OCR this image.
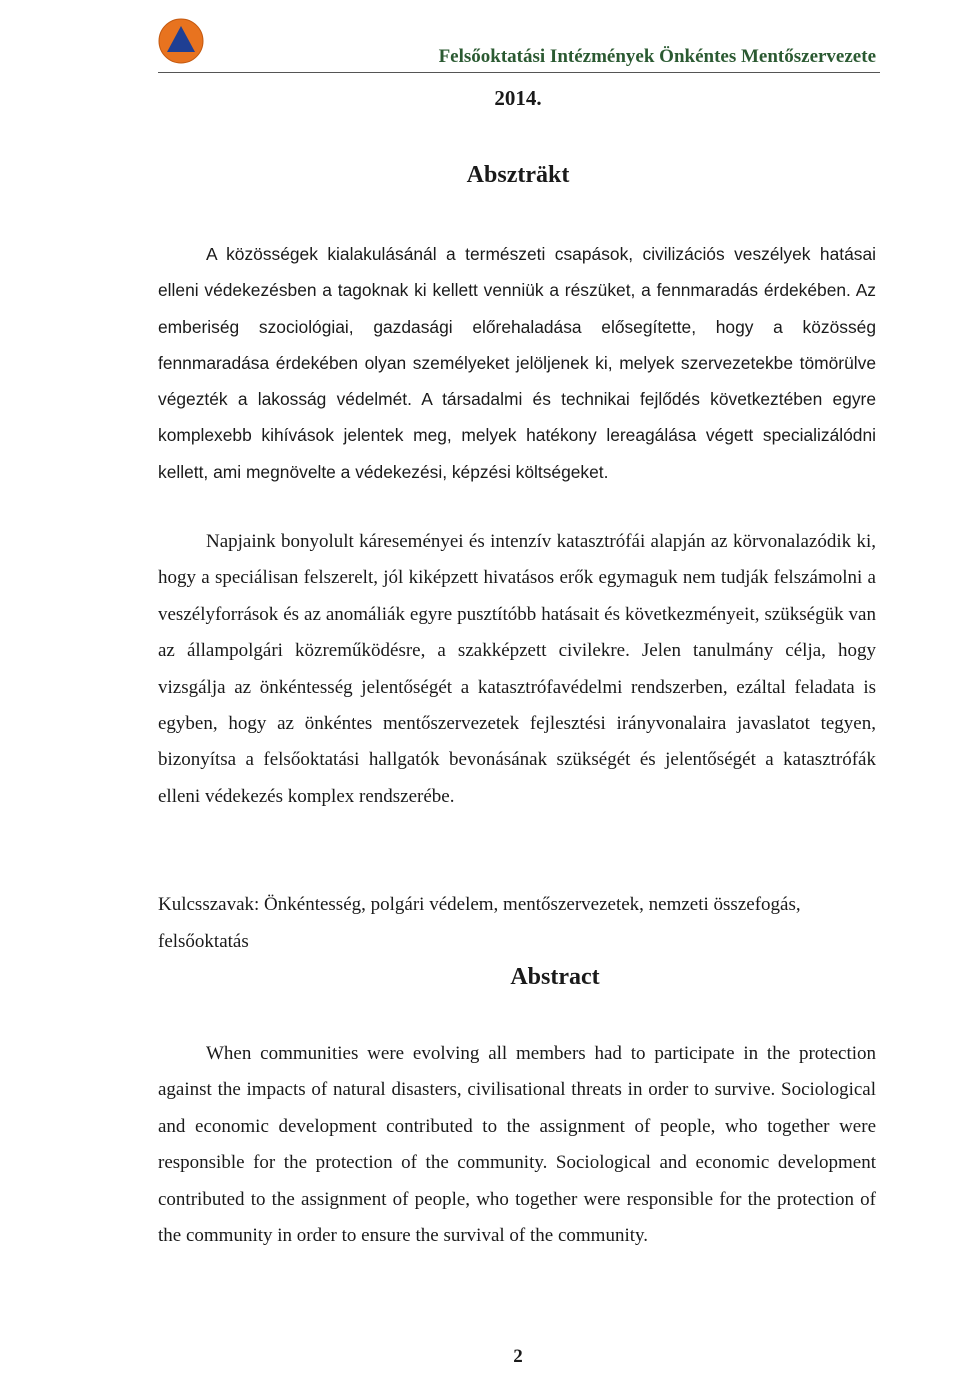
Felsőoktatási Intézmények Önkéntes Mentőszervezete
2014.
Abszträkt

A közösségek kialakulásánál a természeti csapások, civilizációs veszélyek hatásai elleni védekezésben a tagoknak ki kellett venniük a részüket, a fennmaradás érdekében. Az emberiség szociológiai, gazdasági előrehaladása elősegítette, hogy a közösség fennmaradása érdekében olyan személyeket jelöljenek ki, melyek szervezetekbe tömörülve végezték a lakosság védelmét. A társadalmi és technikai fejlődés következtében egyre komplexebb kihívások jelentek meg, melyek hatékony lereagálása végett specializálódni kellett, ami megnövelte a védekezési, képzési költségeket.

Napjaink bonyolult káreseményei és intenzív katasztrófái alapján az körvonalazódik ki, hogy a speciálisan felszerelt, jól kiképzett hivatásos erők egymaguk nem tudják felszámolni a veszélyforrások és az anomáliák egyre pusztítóbb hatásait és következményeit, szükségük van az állampolgári közreműködésre, a szakképzett civilekre. Jelen tanulmány célja, hogy vizsgálja az önkéntesség jelentőségét a katasztrófavédelmi rendszerben, ezáltal feladata is egyben, hogy az önkéntes mentőszervezetek fejlesztési irányvonalaira javaslatot tegyen, bizonyítsa a felsőoktatási hallgatók bevonásának szükségét és jelentőségét a katasztrófák elleni védekezés komplex rendszerébe.

Kulcsszavak: Önkéntesség, polgári védelem, mentőszervezetek, nemzeti összefogás, felsőoktatás

Abstract

When communities were evolving all members had to participate in the protection against the impacts of natural disasters, civilisational threats in order to survive. Sociological and economic development contributed to the assignment of people, who together were responsible for the protection of the community. Sociological and economic development contributed to the assignment of people, who together were responsible for the protection of the community in order to ensure the survival of the community.

2
